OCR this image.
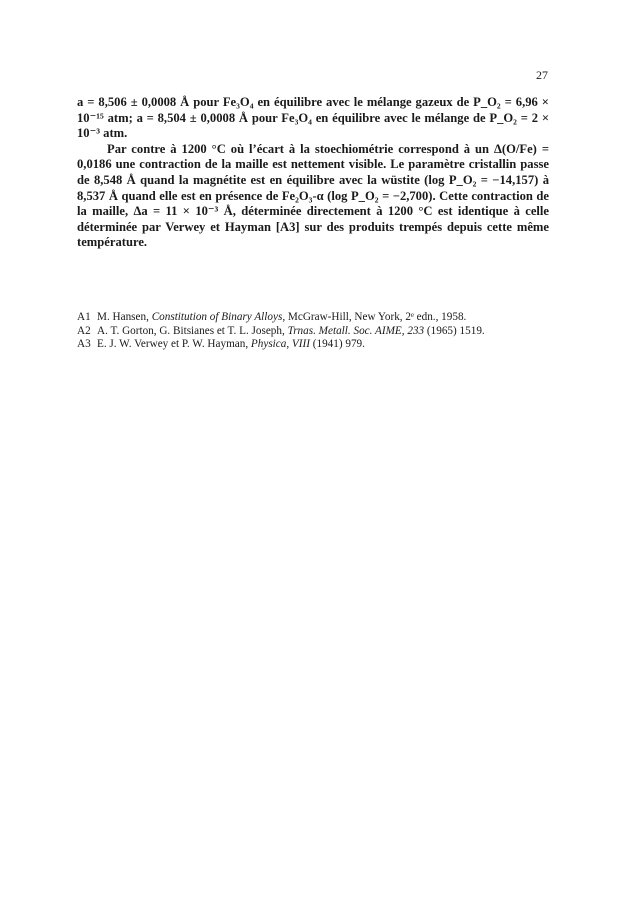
27

a = 8,506 ± 0,0008 Å pour Fe₃O₄ en équilibre avec le mélange gazeux de P_O₂ = 6,96 × 10⁻¹⁵ atm; a = 8,504 ± 0,0008 Å pour Fe₃O₄ en équilibre avec le mélange de P_O₂ = 2 × 10⁻³ atm.

Par contre à 1200 °C où l’écart à la stoechiométrie correspond à un Δ(O/Fe) = 0,0186 une contraction de la maille est nettement visible. Le paramètre cristallin passe de 8,548 Å quand la magnétite est en équilibre avec la wüstite (log P_O₂ = −14,157) à 8,537 Å quand elle est en présence de Fe₂O₃-α (log P_O₂ = −2,700). Cette contraction de la maille, Δa = 11 × 10⁻³ Å, déterminée directement à 1200 °C est identique à celle déterminée par Verwey et Hayman [A3] sur des produits trempés depuis cette même température.

A1 M. Hansen, Constitution of Binary Alloys, McGraw-Hill, New York, 2ᵉ edn., 1958.
A2 A. T. Gorton, G. Bitsianes et T. L. Joseph, Trnas. Metall. Soc. AIME, 233 (1965) 1519.
A3 E. J. W. Verwey et P. W. Hayman, Physica, VIII (1941) 979.
